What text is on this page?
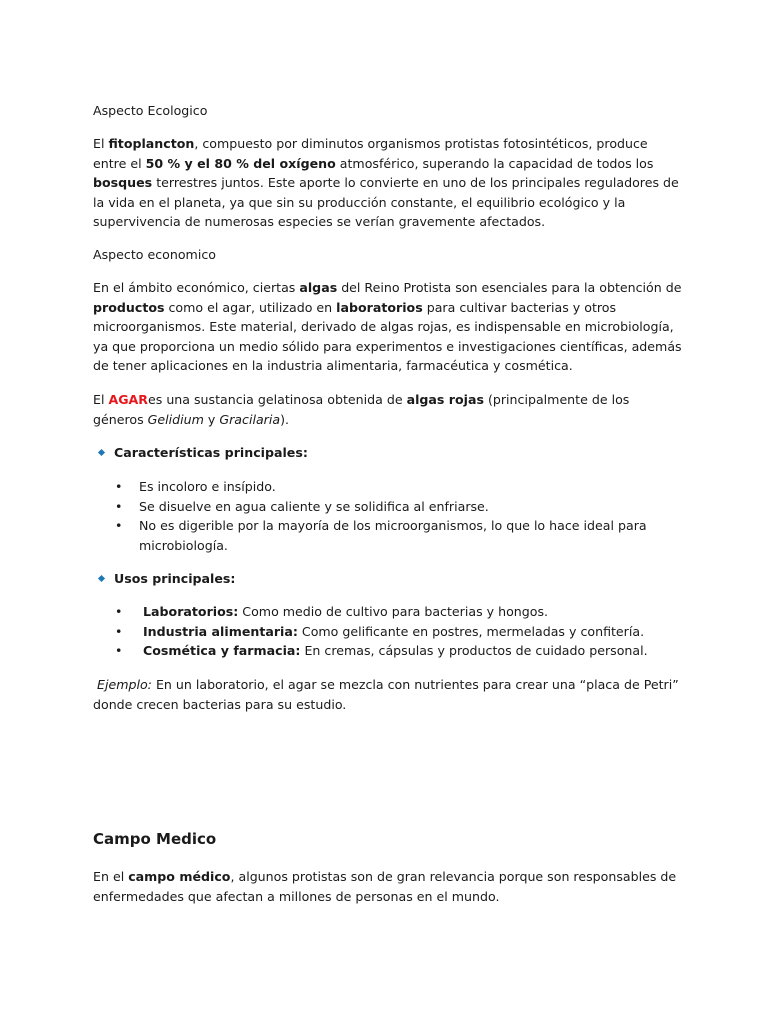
Aspecto Ecologico

El fitoplancton, compuesto por diminutos organismos protistas fotosintéticos, produce entre el 50 % y el 80 % del oxígeno atmosférico, superando la capacidad de todos los bosques terrestres juntos. Este aporte lo convierte en uno de los principales reguladores de la vida en el planeta, ya que sin su producción constante, el equilibrio ecológico y la supervivencia de numerosas especies se verían gravemente afectados.

Aspecto economico

En el ámbito económico, ciertas algas del Reino Protista son esenciales para la obtención de productos como el agar, utilizado en laboratorios para cultivar bacterias y otros microorganismos. Este material, derivado de algas rojas, es indispensable en microbiología, ya que proporciona un medio sólido para experimentos e investigaciones científicas, además de tener aplicaciones en la industria alimentaria, farmacéutica y cosmética.

El AGARes una sustancia gelatinosa obtenida de algas rojas (principalmente de los géneros Gelidium y Gracilaria).

Características principales:
• Es incoloro e insípido.
• Se disuelve en agua caliente y se solidifica al enfriarse.
• No es digerible por la mayoría de los microorganismos, lo que lo hace ideal para microbiología.
Usos principales:
• Laboratorios: Como medio de cultivo para bacterias y hongos.
• Industria alimentaria: Como gelificante en postres, mermeladas y confitería.
• Cosmética y farmacia: En cremas, cápsulas y productos de cuidado personal.

Ejemplo: En un laboratorio, el agar se mezcla con nutrientes para crear una “placa de Petri” donde crecen bacterias para su estudio.

Campo Medico

En el campo médico, algunos protistas son de gran relevancia porque son responsables de enfermedades que afectan a millones de personas en el mundo.
